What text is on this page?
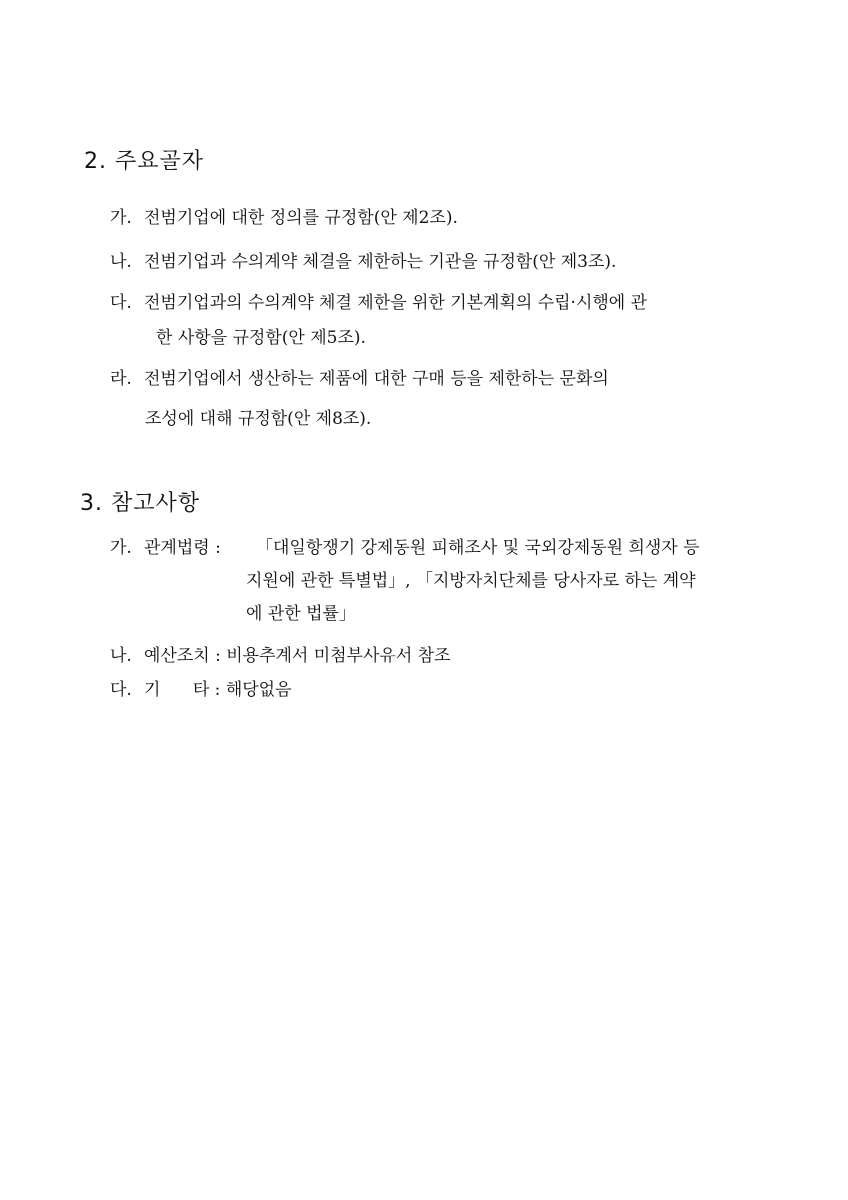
2. 주요골자
가. 전범기업에 대한 정의를 규정함(안 제2조).
나. 전범기업과 수의계약 체결을 제한하는 기관을 규정함(안 제3조).
다. 전범기업과의 수의계약 체결 제한을 위한 기본계획의 수립·시행에 관
한 사항을 규정함(안 제5조).
라. 전범기업에서 생산하는 제품에 대한 구매 등을 제한하는 문화의
조성에 대해 규정함(안 제8조).
3. 참고사항
가. 관계법령 : 「대일항쟁기 강제동원 피해조사 및 국외강제동원 희생자 등
지원에 관한 특별법」, 「지방자치단체를 당사자로 하는 계약
에 관한 법률」
나. 예산조치 : 비용추계서 미첨부사유서 참조
다. 기      타 : 해당없음
